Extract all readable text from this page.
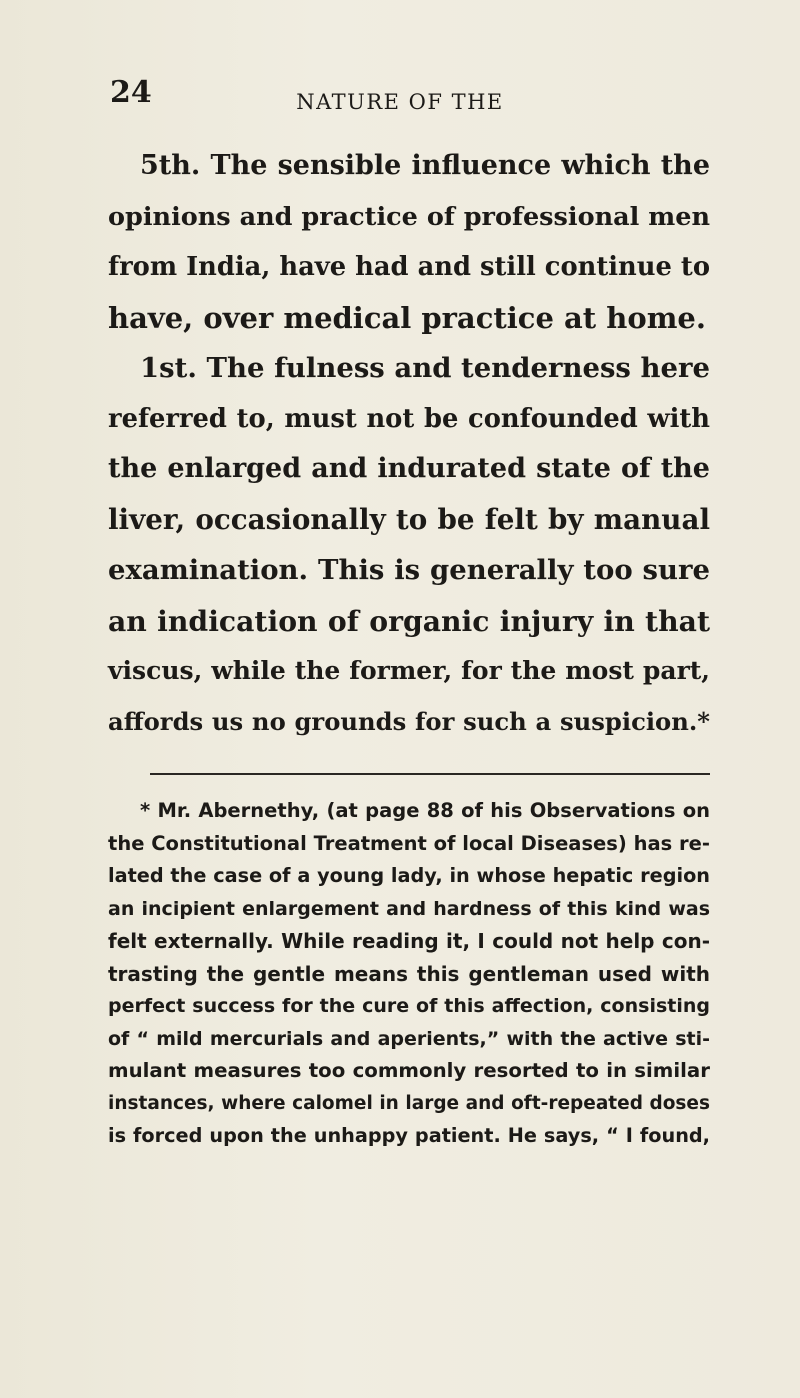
24	NATURE OF THE
5th. The sensible influence which the
opinions and practice of professional men
from India, have had and still continue to
have, over medical practice at home.
1st. The fulness and tenderness here
referred to, must not be confounded with
the enlarged and indurated state of the
liver, occasionally to be felt by manual
examination. This is generally too sure
an indication of organic injury in that
viscus, while the former, for the most part,
affords us no grounds for such a suspicion.*
* Mr. Abernethy, (at page 88 of his Observations on
the Constitutional Treatment of local Diseases) has re-
lated the case of a young lady, in whose hepatic region
an incipient enlargement and hardness of this kind was
felt externally. While reading it, I could not help con-
trasting the gentle means this gentleman used with
perfect success for the cure of this affection, consisting
of “ mild mercurials and aperients,” with the active sti-
mulant measures too commonly resorted to in similar
instances, where calomel in large and oft-repeated doses
is forced upon the unhappy patient. He says, “ I found,
